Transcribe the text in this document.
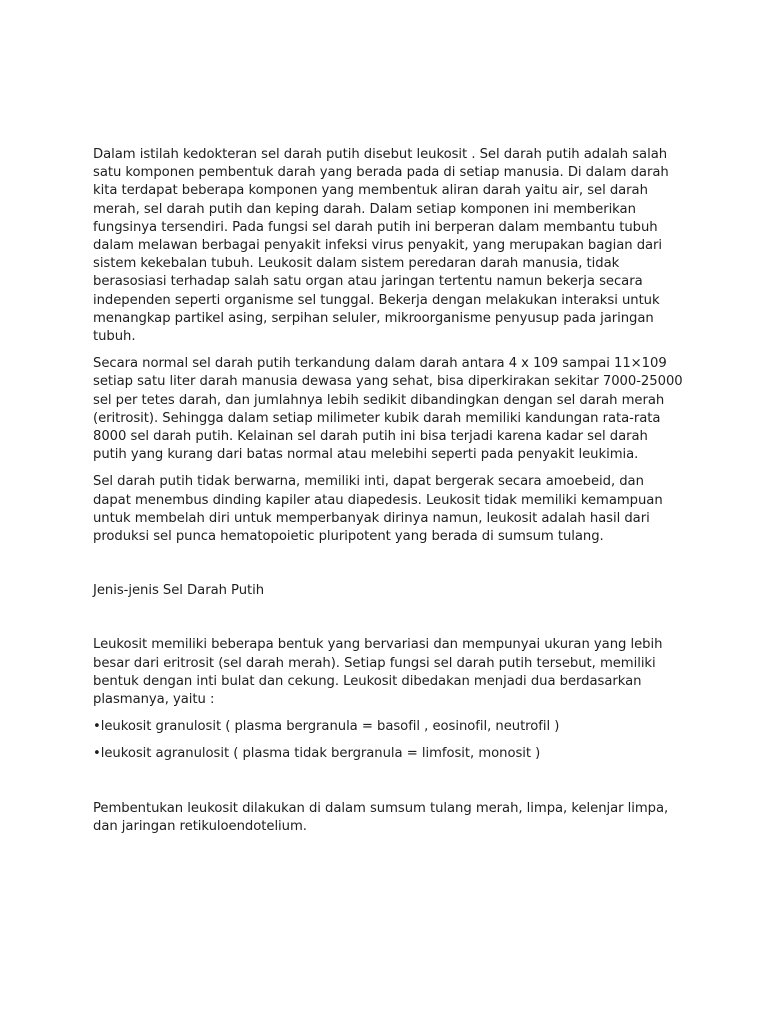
Dalam istilah kedokteran sel darah putih disebut leukosit . Sel darah putih adalah salah satu komponen pembentuk darah yang berada pada di setiap manusia. Di dalam darah kita terdapat beberapa komponen yang membentuk aliran darah yaitu air, sel darah merah, sel darah putih dan keping darah. Dalam setiap komponen ini memberikan fungsinya tersendiri. Pada fungsi sel darah putih ini berperan dalam membantu tubuh dalam melawan berbagai penyakit infeksi virus penyakit, yang merupakan bagian dari sistem kekebalan tubuh. Leukosit dalam sistem peredaran darah manusia, tidak berasosiasi terhadap salah satu organ atau jaringan tertentu namun bekerja secara independen seperti organisme sel tunggal. Bekerja dengan melakukan interaksi untuk menangkap partikel asing, serpihan seluler, mikroorganisme penyusup pada jaringan tubuh.

Secara normal sel darah putih terkandung dalam darah antara 4 x 109 sampai 11×109 setiap satu liter darah manusia dewasa yang sehat, bisa diperkirakan sekitar 7000-25000 sel per tetes darah, dan jumlahnya lebih sedikit dibandingkan dengan sel darah merah (eritrosit). Sehingga dalam setiap milimeter kubik darah memiliki kandungan rata-rata 8000 sel darah putih. Kelainan sel darah putih ini bisa terjadi karena kadar sel darah putih yang kurang dari batas normal atau melebihi seperti pada penyakit leukimia.

Sel darah putih tidak berwarna, memiliki inti, dapat bergerak secara amoebeid, dan dapat menembus dinding kapiler atau diapedesis. Leukosit tidak memiliki kemampuan untuk membelah diri untuk memperbanyak dirinya namun, leukosit adalah hasil dari produksi sel punca hematopoietic pluripotent yang berada di sumsum tulang.

Jenis-jenis Sel Darah Putih

Leukosit memiliki beberapa bentuk yang bervariasi dan mempunyai ukuran yang lebih besar dari eritrosit (sel darah merah). Setiap fungsi sel darah putih tersebut, memiliki bentuk dengan inti bulat dan cekung. Leukosit dibedakan menjadi dua berdasarkan plasmanya, yaitu :

•leukosit granulosit ( plasma bergranula = basofil , eosinofil, neutrofil )

•leukosit agranulosit ( plasma tidak bergranula = limfosit, monosit )

Pembentukan leukosit dilakukan di dalam sumsum tulang merah, limpa, kelenjar limpa, dan jaringan retikuloendotelium.
